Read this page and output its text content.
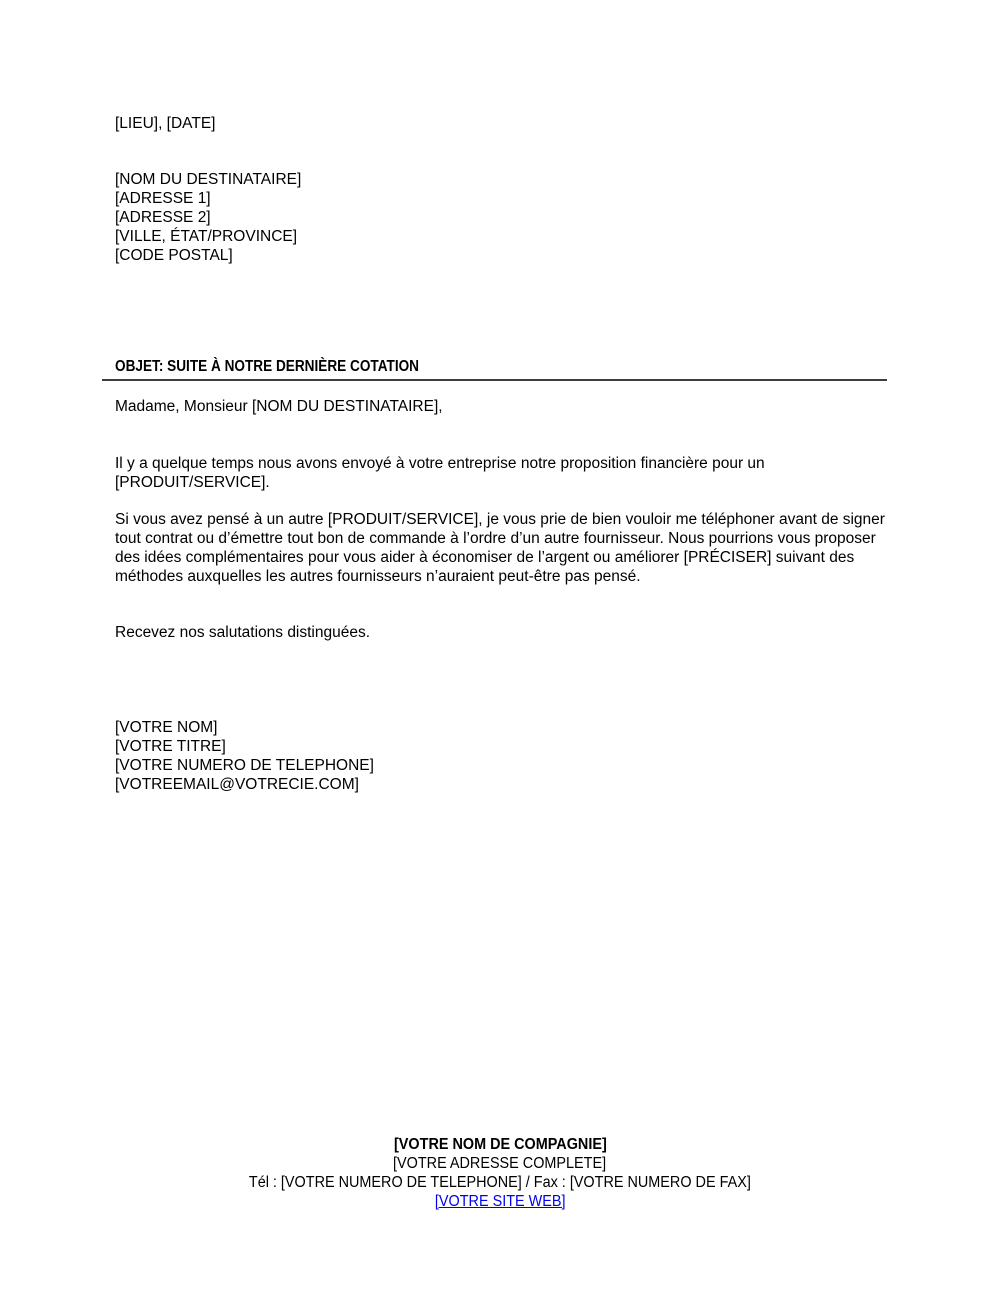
[LIEU], [DATE]
[NOM DU DESTINATAIRE]
[ADRESSE 1]
[ADRESSE 2]
[VILLE, ÉTAT/PROVINCE]
[CODE POSTAL]
OBJET: SUITE À NOTRE DERNIÈRE COTATION
Madame, Monsieur [NOM DU DESTINATAIRE],

Il y a quelque temps nous avons envoyé à votre entreprise notre proposition financière pour un [PRODUIT/SERVICE].

Si vous avez pensé à un autre [PRODUIT/SERVICE], je vous prie de bien vouloir me téléphoner avant de signer tout contrat ou d’émettre tout bon de commande à l’ordre d’un autre fournisseur. Nous pourrions vous proposer des idées complémentaires pour vous aider à économiser de l’argent ou améliorer [PRÉCISER] suivant des méthodes auxquelles les autres fournisseurs n’auraient peut-être pas pensé.

Recevez nos salutations distinguées.
[VOTRE NOM]
[VOTRE TITRE]
[VOTRE NUMERO DE TELEPHONE]
[VOTREEMAIL@VOTRECIE.COM]
[VOTRE NOM DE COMPAGNIE]
[VOTRE ADRESSE COMPLETE]
Tél : [VOTRE NUMERO DE TELEPHONE] / Fax : [VOTRE NUMERO DE FAX]
[VOTRE SITE WEB]
